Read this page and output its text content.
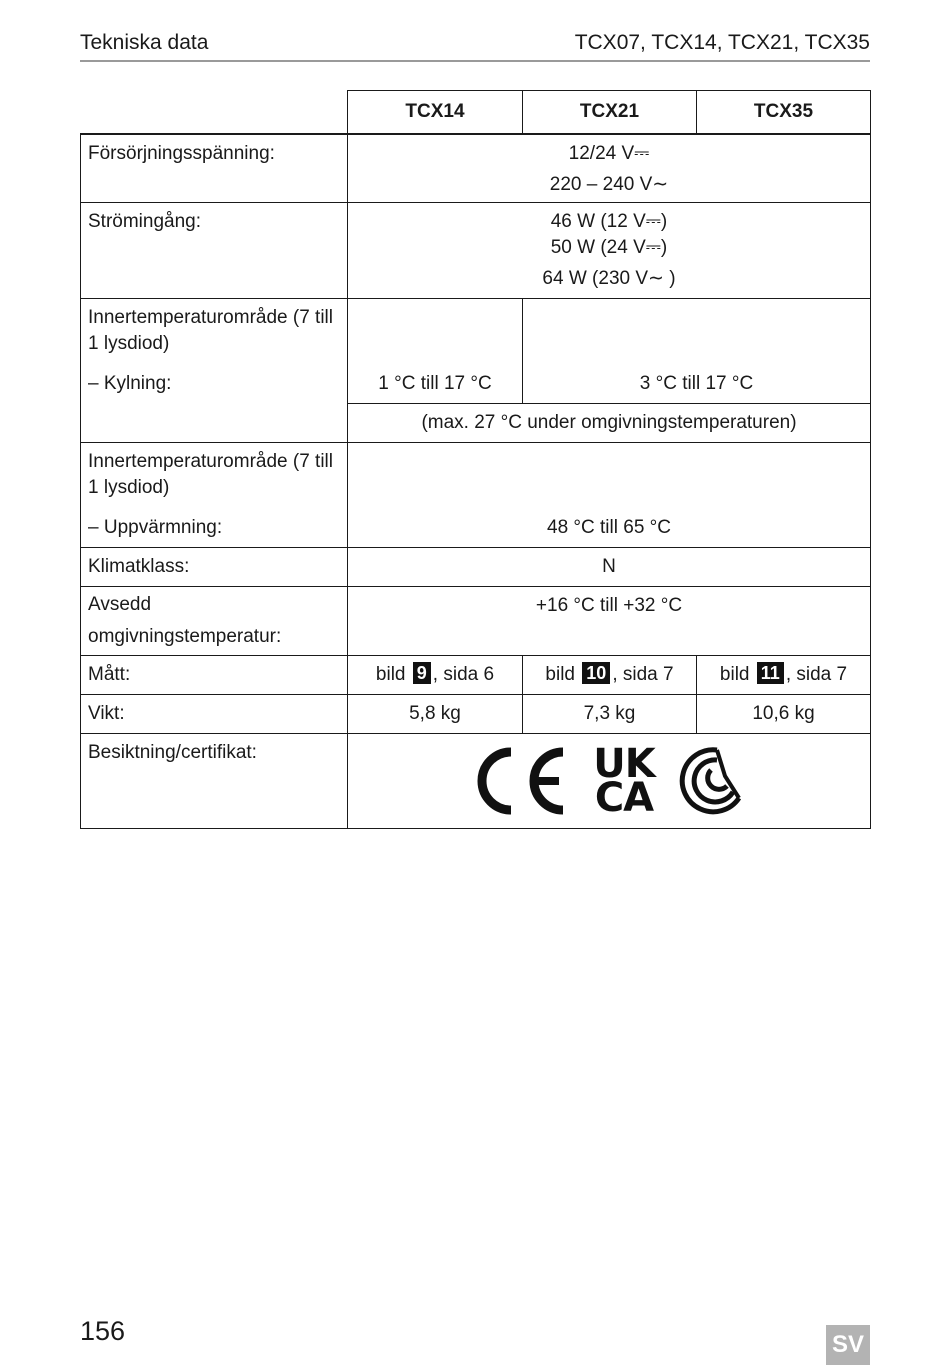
Tekniska data	TCX07, TCX14, TCX21, TCX35
	TCX14	TCX21	TCX35
Försörjningsspänning:	12/24 V⎓
220 – 240 V∼		

Strömingång:	46 W (12 V⎓)
50 W (24 V⎓)
64 W (230 V∼ )		

Innertemperaturområde (7 till 1 lysdiod)
– Kylning:	1 °C till 17 °C	3 °C till 17 °C	
	(max. 27 °C under omgivningstemperaturen)		

Innertemperaturområde (7 till 1 lysdiod)
– Uppvärmning:	48 °C till 65 °C		
Klimatklass:	N		
Avsedd omgivningstemperatur:	+16 °C till +32 °C		
Mått:	bild 9 , sida 6	bild 10 , sida 7	bild 11 , sida 7
Vikt:	5,8 kg	7,3 kg	10,6 kg
Besiktning/certifikat:	UK
CA		
156	SV
